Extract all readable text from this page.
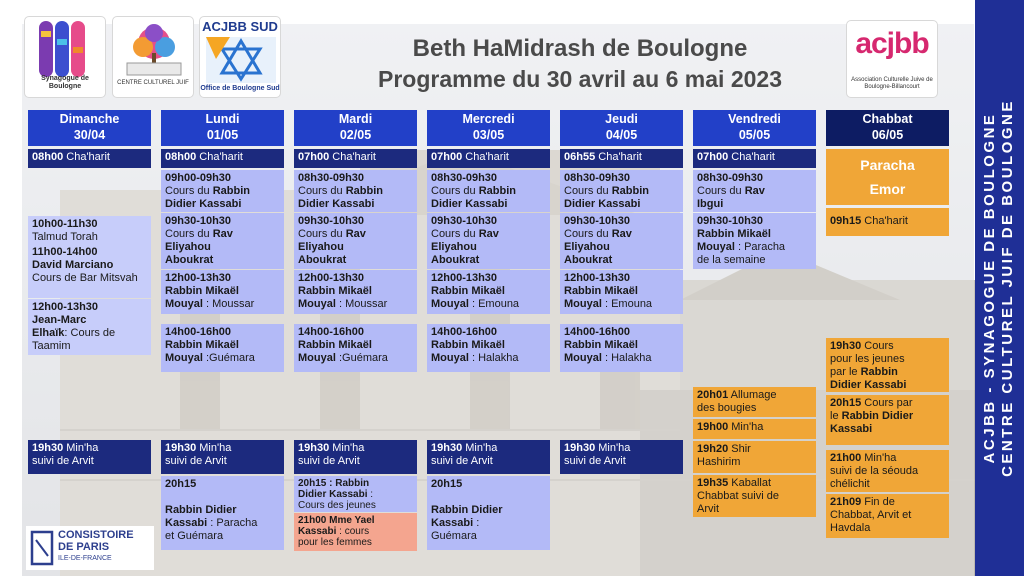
ACJBB - SYNAGOGUE DE BOULOGNE CENTRE CULTUREL JUIF DE BOULOGNE
Synagogue de Boulogne	CENTRE CULTUREL JUIF
ACJBB SUD
Office de Boulogne Sud
acjbb
Association Culturelle Juive de Boulogne-Billancourt
CONSISTOIRE
DE PARIS
ILE-DE-FRANCE
Beth HaMidrash de Boulogne
Programme du 30 avril au 6 mai 2023
Dimanche
30/04
Lundi
01/05
Mardi
02/05
Mercredi
03/05
Jeudi
04/05
Vendredi
05/05
Chabbat
06/05
08h00 Cha'harit
10h00-11h30
Talmud Torah
11h00-14h00
David Marciano
Cours de Bar Mitsvah
12h00-13h30
Jean-Marc
Elhaïk: Cours de Taamim
19h30 Min'ha
suivi de Arvit
08h00 Cha'harit
09h00-09h30
Cours du Rabbin
Didier Kassabi
09h30-10h30
Cours du Rav
Eliyahou
Aboukrat
12h00-13h30
Rabbin Mikaël
Mouyal : Moussar
14h00-16h00
Rabbin Mikaël
Mouyal :Guémara
19h30 Min'ha
suivi de Arvit
20h15

Rabbin Didier
Kassabi : Paracha
et Guémara
07h00 Cha'harit
08h30-09h30
Cours du Rabbin
Didier Kassabi
09h30-10h30
Cours du Rav
Eliyahou
Aboukrat
12h00-13h30
Rabbin Mikaël
Mouyal : Moussar
14h00-16h00
Rabbin Mikaël
Mouyal :Guémara
19h30 Min'ha
suivi de Arvit
20h15 : Rabbin
Didier Kassabi :
Cours des jeunes
21h00 Mme Yael
Kassabi : cours
pour les femmes
07h00 Cha'harit
08h30-09h30
Cours du Rabbin
Didier Kassabi
09h30-10h30
Cours du Rav
Eliyahou
Aboukrat
12h00-13h30
Rabbin Mikaël
Mouyal : Emouna
14h00-16h00
Rabbin Mikaël
Mouyal : Halakha
19h30 Min'ha
suivi de Arvit
20h15

Rabbin Didier
Kassabi :
Guémara
06h55 Cha'harit
08h30-09h30
Cours du Rabbin
Didier Kassabi
09h30-10h30
Cours du Rav
Eliyahou
Aboukrat
12h00-13h30
Rabbin Mikaël
Mouyal : Emouna
14h00-16h00
Rabbin Mikaël
Mouyal : Halakha
19h30 Min'ha
suivi de Arvit
07h00 Cha'harit
08h30-09h30
Cours du Rav
Ibgui
09h30-10h30
Rabbin Mikaël
Mouyal : Paracha
de la semaine
20h01 Allumage
des bougies
19h00 Min'ha
19h20 Shir
Hashirim
19h35 Kaballat
Chabbat suivi de
Arvit
Paracha
Emor
09h15 Cha'harit
19h30 Cours
pour les jeunes
par le Rabbin
Didier Kassabi
20h15 Cours par
le Rabbin Didier
Kassabi
21h00 Min'ha
suivi de la séouda
chélichit
21h09 Fin de
Chabbat, Arvit et
Havdala
